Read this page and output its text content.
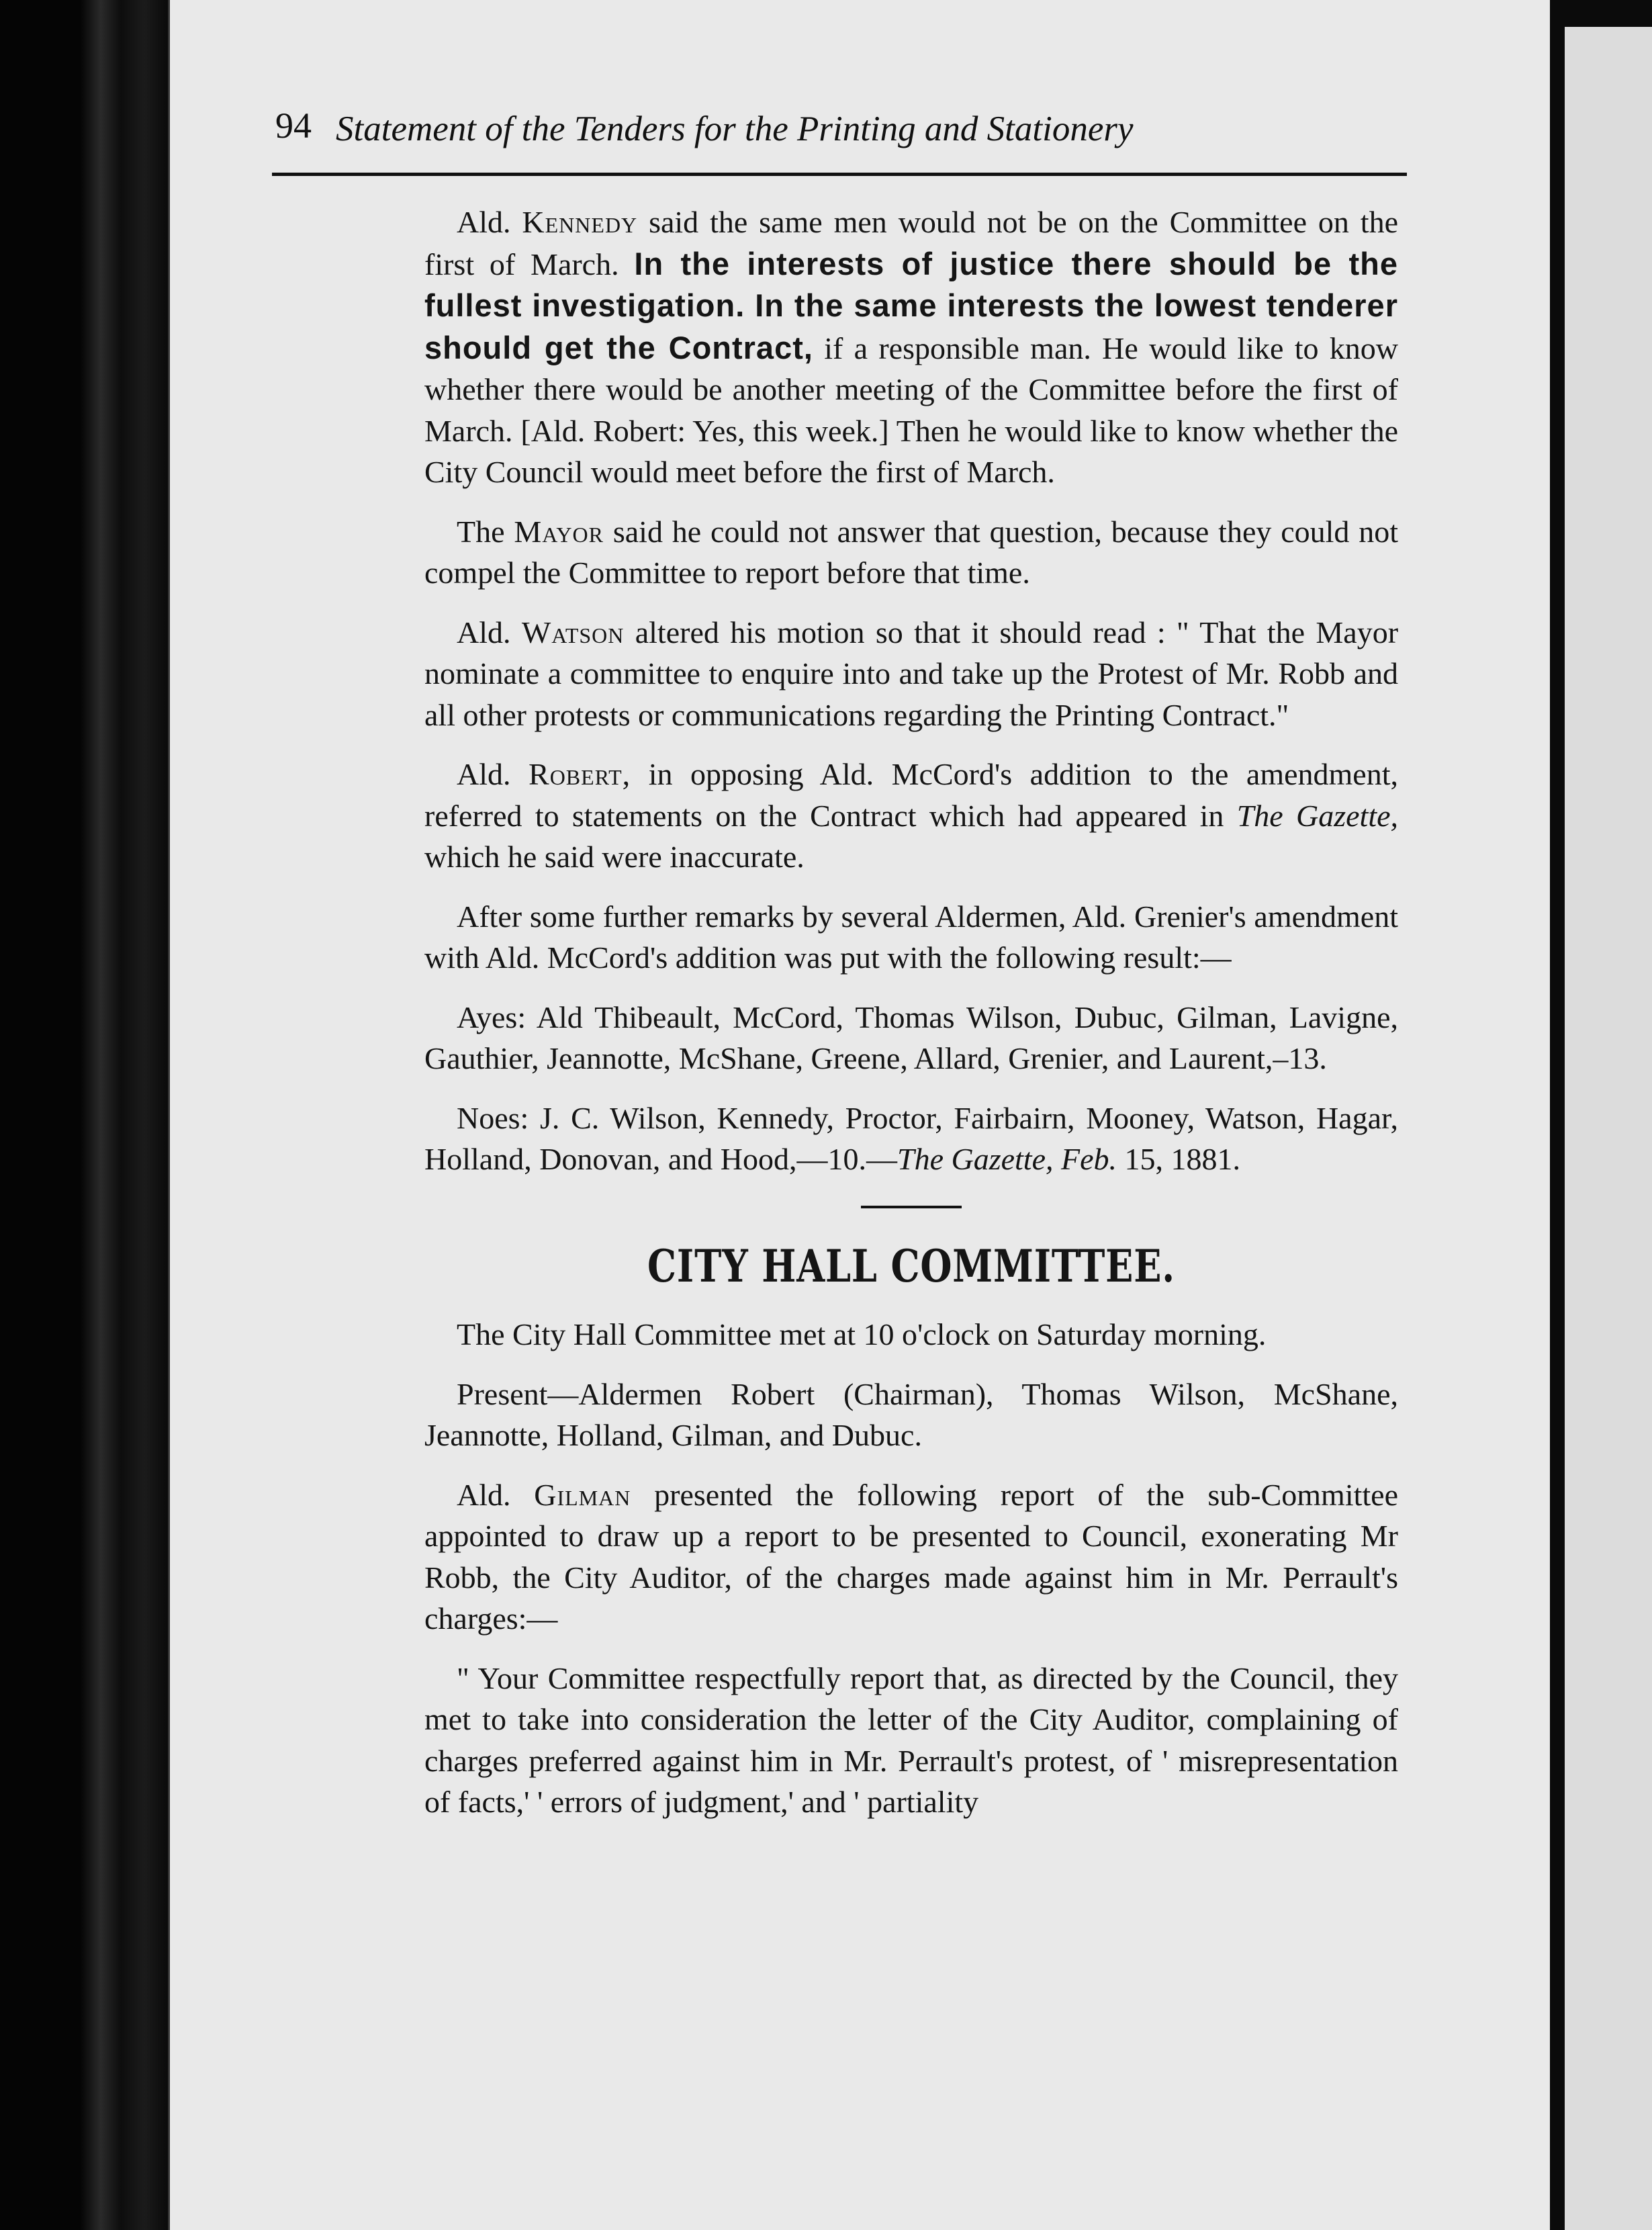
94 Statement of the Tenders for the Printing and Stationery

Ald. Kennedy said the same men would not be on the Committee on the first of March. In the interests of justice there should be the fullest investigation. In the same interests the lowest tenderer should get the Contract, if a responsible man. He would like to know whether there would be another meeting of the Committee before the first of March. [Ald. Robert: Yes, this week.] Then he would like to know whether the City Council would meet before the first of March.

The Mayor said he could not answer that question, because they could not compel the Committee to report before that time.

Ald. Watson altered his motion so that it should read : " That the Mayor nominate a committee to enquire into and take up the Protest of Mr. Robb and all other protests or communications regarding the Printing Contract."

Ald. Robert, in opposing Ald. McCord's addition to the amendment, referred to statements on the Contract which had appeared in The Gazette, which he said were inaccurate.

After some further remarks by several Aldermen, Ald. Grenier's amendment with Ald. McCord's addition was put with the following result:—

Ayes: Ald Thibeault, McCord, Thomas Wilson, Dubuc, Gilman, Lavigne, Gauthier, Jeannotte, McShane, Greene, Allard, Grenier, and Laurent,–13.

Noes: J. C. Wilson, Kennedy, Proctor, Fairbairn, Mooney, Watson, Hagar, Holland, Donovan, and Hood,—10.—The Gazette, Feb. 15, 1881.

CITY HALL COMMITTEE.

The City Hall Committee met at 10 o'clock on Saturday morning.

Present—Aldermen Robert (Chairman), Thomas Wilson, McShane, Jeannotte, Holland, Gilman, and Dubuc.

Ald. Gilman presented the following report of the sub-Committee appointed to draw up a report to be presented to Council, exonerating Mr Robb, the City Auditor, of the charges made against him in Mr. Perrault's charges:—

" Your Committee respectfully report that, as directed by the Council, they met to take into consideration the letter of the City Auditor, complaining of charges preferred against him in Mr. Perrault's protest, of ' misrepresentation of facts,' ' errors of judgment,' and ' partiality
